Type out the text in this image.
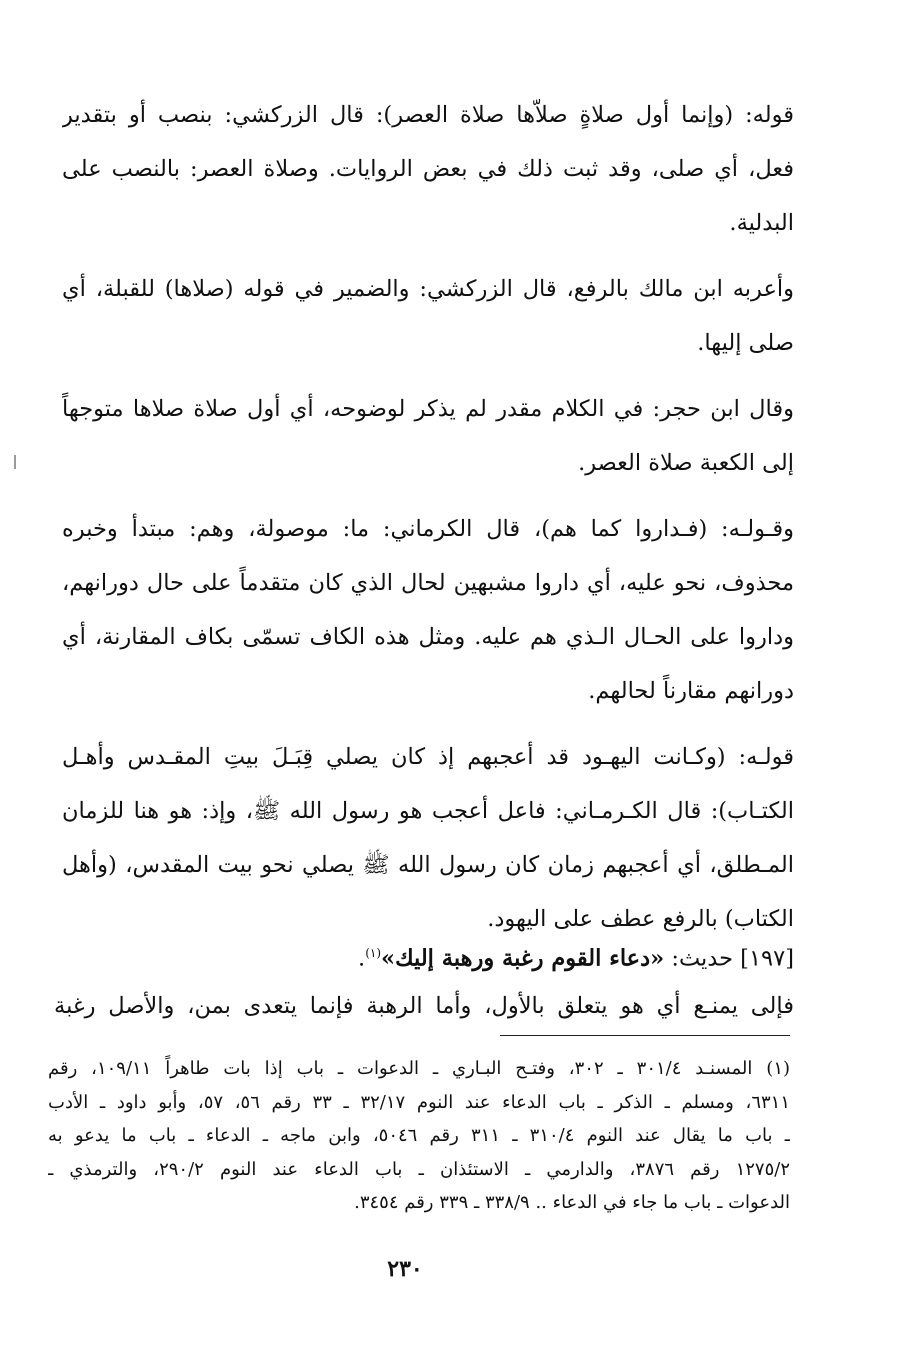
قوله: (وإنما أول صلاةٍ صلاّها صلاة العصر): قال الزركشي: بنصب أو بتقدير
فعل، أي صلى، وقد ثبت ذلك في بعض الروايات. وصلاة العصر: بالنصب على
البدلية.

وأعربه ابن مالك بالرفع، قال الزركشي: والضمير في قوله (صلاها) للقبلة، أي
صلى إليها.

وقال ابن حجر: في الكلام مقدر لم يذكر لوضوحه، أي أول صلاة صلاها متوجهاً
إلى الكعبة صلاة العصر.

وقـولـه: (فـداروا كما هم)، قال الكرماني: ما: موصولة، وهم: مبتدأ وخبره
محذوف، نحو عليه، أي داروا مشبهين لحال الذي كان متقدماً على حال دورانهم،
وداروا على الحـال الـذي هم عليه. ومثل هذه الكاف تسمّى بكاف المقارنة، أي
دورانهم مقارناً لحالهم.

قولـه: (وكـانت اليهـود قد أعجبهم إذ كان يصلي قِبَـلَ بيتِ المقـدس وأهـل
الكتـاب): قال الكـرمـاني: فاعل أعجب هو رسول الله ﷺ، وإذ: هو هنا للزمان
المـطلق، أي أعجبهم زمان كان رسول الله ﷺ يصلي نحو بيت المقدس، (وأهل
الكتاب) بالرفع عطف على اليهود.

[١٩٧] حديث: «دعاء القوم رغبة ورهبة إليك»$^{(١)}$.
فإلى يمنـع أي هو يتعلق بالأول، وأما الرهبة فإنما يتعدى بمن، والأصل رغبة
(١) المسنـد ٣٠١/٤ ـ ٣٠٢، وفتـح البـاري ـ الدعوات ـ باب إذا بات طاهراً ١٠٩/١١، رقم
٦٣١١، ومسلم ـ الذكر ـ باب الدعاء عند النوم ٣٢/١٧ ـ ٣٣ رقم ٥٦، ٥٧، وأبو داود ـ الأدب
ـ باب ما يقال عند النوم ٣١٠/٤ ـ ٣١١ رقم ٥٠٤٦، وابن ماجه ـ الدعاء ـ باب ما يدعو به
١٢٧٥/٢ رقم ٣٨٧٦، والدارمي ـ الاستئذان ـ باب الدعاء عند النوم ٢٩٠/٢، والترمذي ـ
الدعوات ـ باب ما جاء في الدعاء .. ٣٣٨/٩ ـ ٣٣٩ رقم ٣٤٥٤.
٢٣٠
